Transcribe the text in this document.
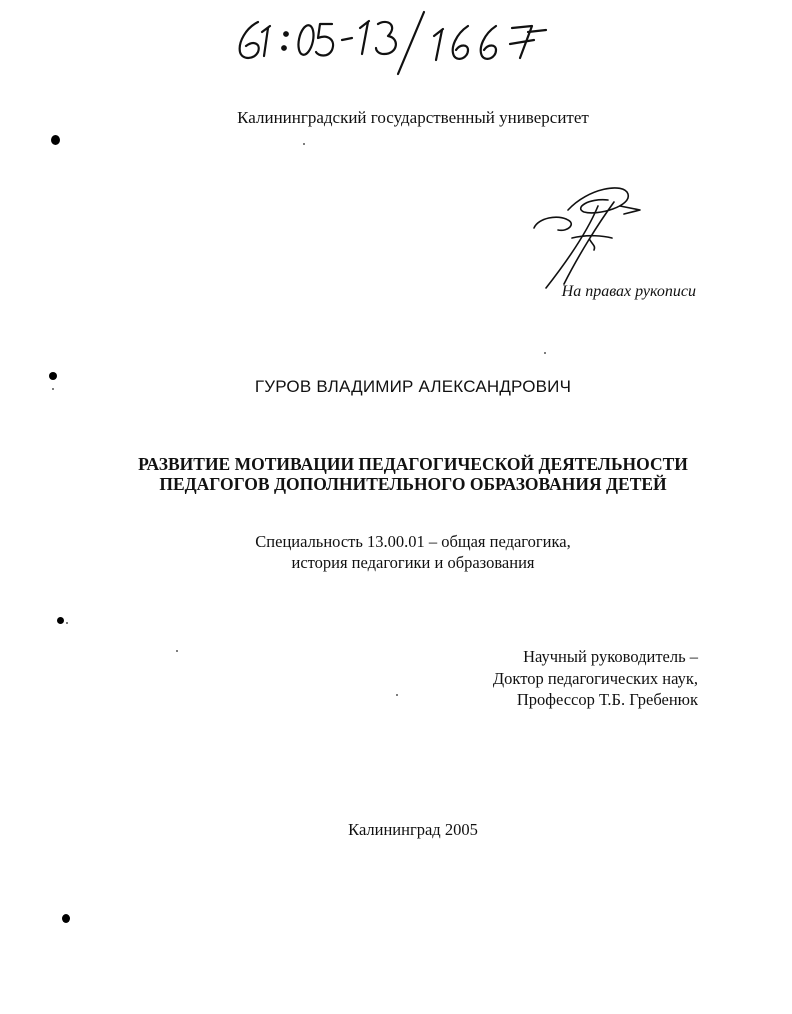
Калининградский государственный университет
На правах рукописи
ГУРОВ ВЛАДИМИР АЛЕКСАНДРОВИЧ
РАЗВИТИЕ МОТИВАЦИИ ПЕДАГОГИЧЕСКОЙ ДЕЯТЕЛЬНОСТИ
ПЕДАГОГОВ ДОПОЛНИТЕЛЬНОГО ОБРАЗОВАНИЯ ДЕТЕЙ
Специальность 13.00.01 – общая педагогика,
история педагогики и образования
Научный руководитель –
Доктор педагогических наук,
Профессор Т.Б. Гребенюк
Калининград 2005
